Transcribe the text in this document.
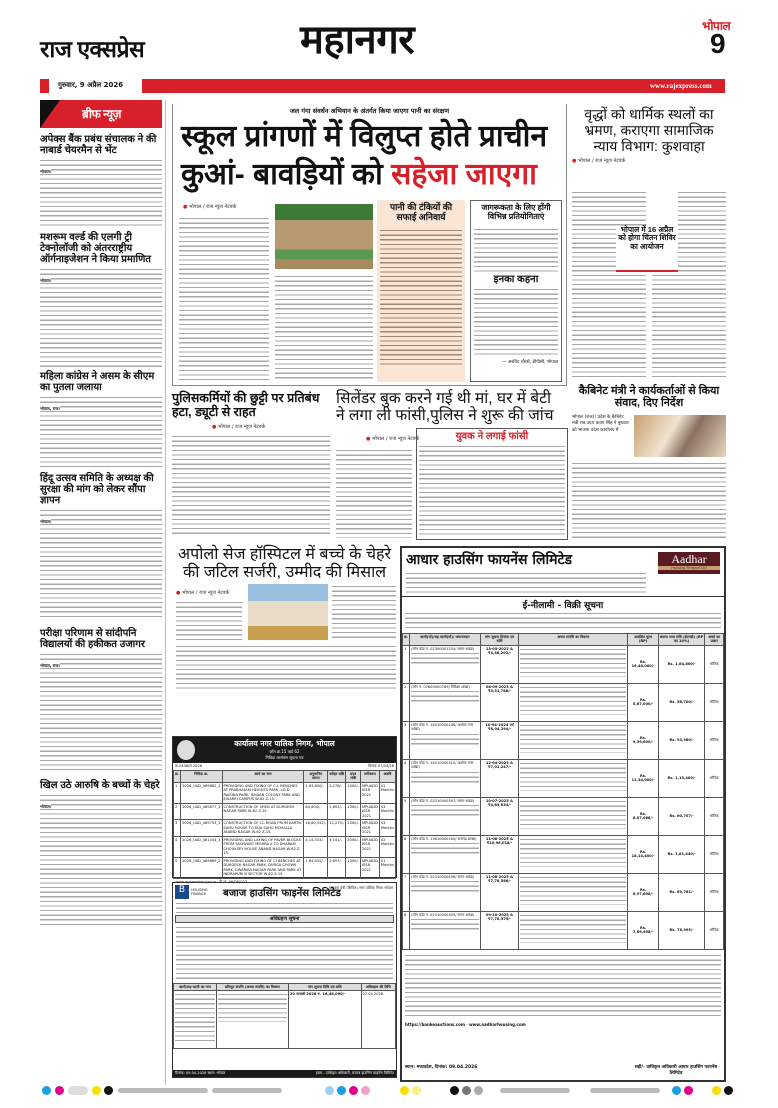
राज एक्सप्रेस	महानगर	भोपाल
9
गुरुवार, 9 अप्रैल 2026	www.rajexpress.com
ब्रीफ न्यूज़
अपेक्स बैंक प्रबंध संचालक ने की नाबार्ड चेयरमैन से भेंट
भोपाल।
मशरूम वर्ल्ड की एलगी ट्री टेक्नोलॉजी को अंतरराष्ट्रीय ऑर्गनाइजेशन ने किया प्रमाणित
भोपाल।
महिला कांग्रेस ने असम के सीएम का पुतला जलाया
भोपाल, राज।
हिंदू उत्सव समिति के अध्यक्ष की सुरक्षा की मांग को लेकर सौंपा ज्ञापन
भोपाल।
परीक्षा परिणाम से सांदीपनि विद्यालयों की हकीकत उजागर
भोपाल, राज।
खिल उठे आरुषि के बच्चों के चेहरे
भोपाल।
जल गंगा संवर्धन अभियान के अंतर्गत किया जाएगा पानी का संरक्षण
स्कूल प्रांगणों में विलुप्त होते प्राचीन
कुआं- बावड़ियों को सहेजा जाएगा
● भोपाल / राज न्यूज नेटवर्क	पानी की टंकियों की सफाई अनिवार्य
जागरूकता के लिए होंगी विभिन्न प्रतियोगिताएं
इनका कहना
— अरविंद चौरसे, डीपीसी, भोपाल
वृद्धों को धार्मिक स्थलों का भ्रमण, कराएगा सामाजिक न्याय विभाग: कुशवाहा
● भोपाल / राज न्यूज नेटवर्क
भोपाल में 16 अप्रैल को होगा चिंतन शिविर का आयोजन
कैबिनेट मंत्री ने कार्यकर्ताओं से किया संवाद, दिए निर्देश
भोपाल (राज)। प्रदेश के कैबिनेट मंत्री राव उदय प्रताप सिंह ने बुधवार को भाजपा प्रदेश कार्यालय में
पुलिसकर्मियों की छुट्टी पर प्रतिबंध हटा, ड्यूटी से राहत
● भोपाल / राज न्यूज नेटवर्क
सिलेंडर बुक करने गई थी मां, घर में बेटी
ने लगा ली फांसी,पुलिस ने शुरू की जांच
● भोपाल / राज न्यूज नेटवर्क	युवक ने लगाई फांसी
अपोलो सेज हॉस्पिटल में बच्चे के चेहरे की जटिल सर्जरी, उम्मीद की मिसाल
● भोपाल / राज न्यूज नेटवर्क
कार्यालय नगर पालिक निगम, भोपाल
ज़ोन क्र.15 वार्ड 62
निविदा आमंत्रण सूचना पत्र
क्र.2436/सं.2026	दिनांक 07/04/26
क्र.	निविदा क्र.	कार्य का नाम	अनुमानित लागत	धरोहर राशि	प्रपत्र राशि	वर्गीकरण	अवधि
1	2026_UAD_489862_2	PROVIDING AND FIXING OF C.I. BENCHES AT PRABHATAM HEIGHTS PARK, I.D.D RAISINA PARK, ISHAAN COLONY PARK AND EISARRI CAMPUS W-62 Z-15.	1,63,800/-	3,276/-	1000/-	MPUADD ISSR 2021	01 Months
2	2026_UAD_489877_2	CONSTRUCTION OF SHED AT DURGESH NAGAR PARK W-62 Z-15.	84,604/-	1,692/-	1000/-	MPUADD ISSR 2021	03 Months
3	2026_UAD_489753_2	CONSTRUCTION OF CC ROAD FROM KARTIK SAHU HOUSE TO KUA SAHU MOHALLA ANAND NAGAR W-62 Z-15.	16,60,542/-	12,275/-	2000/-	MPUADD ISSR 2021	03 Months
4	2026_UAD_481434_1	PROVIDING AND LAYING OF PAVER BLOCKS FROM YASHVANT MISHRA JI TO DHARAM CHOUKSEY HOUSE ANAND NAGAR W-62 Z-15.	4,14,333/-	4,141/-	2000/-	MPUADD ISSR 2021	02 Months
5	2026_UAD_489889_2	PROVIDING AND FIXING OF CI BENCHES AT DURGESH NAGAR PARK, DURGA CHOWK PARK, DWARIKA NAGAR PARK AND PARK AT INDRAPURI B SECTOR W-62 Z-15.	1,64,832/-	2,697/-	1000/-	MPUADD ISSR 2021	01 Months
www.mptenders.gov.in · पि.क्र. 06/06/027
सहायक यंत्री (सिविल) नगर पालिक निगम भोपाल
B	HOUSING FINANCE	बजाज हाउसिंग फाइनेंस लिमिटेड
अधिग्रहण सूचना
ऋणी/सह-ऋणी का नाम	प्रतिभूत संपत्ति (अचल संपत्ति) का विवरण	मांग सूचना तिथि एवं राशि	अधिग्रहण की तिथि

	20 जनवरी 2026 रु. 16,46,090/-	07.04.2026
दिनांक: 09.04.2026 स्थान: भोपाल	हस्ता.- प्राधिकृत अधिकारी, बजाज हाउसिंग फाइनेंस लिमिटेड
आधार हाउसिंग फायनेंस लिमिटेड	Aadhar
Housing Finance Ltd
ई-नीलामी - विक्री सूचना
क्र.	ऋणी(यों)/सह ऋणी(यों)/ जमानतदार	मांग सूचना दिनांक एवं राशि	अचल संपत्ति का विवरण	आरक्षित मूल्य (RP)	बयाना जमा राशि (ईएमडी) (RP का 10%)	कब्जे का प्रकार
1	(लोन कोड नं. 02300001250/ सागर शाखा)	13-05-2022 & ₹4,48,202/-		Rs. 16,48,000/-	Rs. 1,64,800/-	भौतिक
2	(लोन नं. 07600000789/ विदिशा शाखा)	08-09-2023 & ₹3,51,788/-		Rs. 5,67,000/-	Rs. 56,700/-	भौतिक
3	(लोन कोड नं. 14510000146/ अशोक नगर शाखा)	10-04-2024 एवं ₹8,04,294/-		Rs. 9,39,600/-	Rs. 93,960/-	भौतिक
4	(लोन कोड नं. 14510000310/ अशोक नगर शाखा)	12-04-2025 & ₹7,01,247/-		Rs. 11,34,000/-	Rs. 1,13,400/-	भौतिक
5	(लोन कोड नं. 02310000397/ सागर शाखा)	10-07-2025 & ₹4,89,634/-		Rs. 6,07,068/-	Rs. 60,707/-	भौतिक
6	(लोन कोड नं. 13610000163/ राजगढ़ शाखा)	11-08-2025 & ₹10,96,018/-		Rs. 18,14,400/-	Rs. 1,81,440/-	भौतिक
7	(लोन कोड नं. 02310000556/ सागर शाखा)	11-08-2025 & ₹7,78,586/-		Rs. 6,97,608/-	Rs. 69,761/-	भौतिक
8	(लोन कोड नं. 02310000305/ सागर शाखा)	09-10-2025 & ₹7,78,375/-		Rs. 7,69,958/-	Rs. 76,995/-	भौतिक
https://bankeauctions.com · www.aadharhousing.com
स्थान: मध्यप्रदेश, दिनांक: 09.04.2026	सही/- प्राधिकृत अधिकारी आधार हाउसिंग फायनेंस लिमिटेड
